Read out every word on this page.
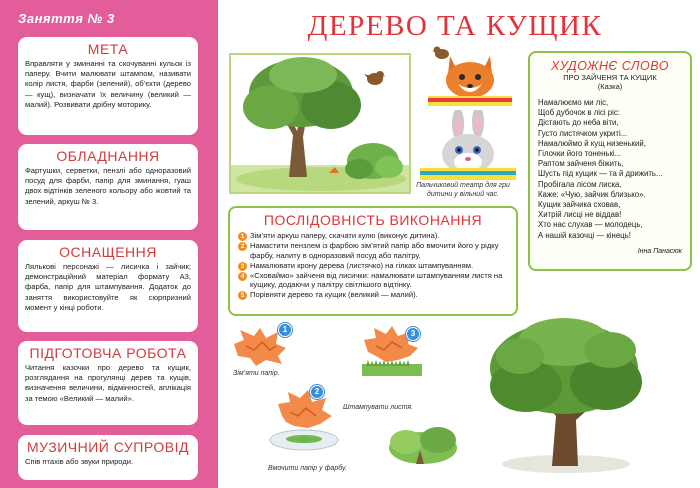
Заняття № 3
МЕТА

Вправляти у зминанні та скочуванні кульок із паперу. Вчити малювати штампом, називати колір листя, фарби (зелений), об’єкти (дерево — кущ), визначати їх величину (великий — малий). Розвивати дрібну моторику.

ОБЛАДНАННЯ

Фартушки, серветки, пензлі або одноразовий посуд для фарби, папір для зминання, гуаш двох відтінків зеленого кольору або жовтий та зелений, аркуш № 3.

ОСНАЩЕННЯ

Лялькові персонажі — лисичка і зайчик; демонстраційний матеріал формату А3, фарба, папір для штампування. Додаток до заняття використовуйте як сюрпризний момент у кінці роботи.

ПІДГОТОВЧА РОБОТА

Читання казочки про дерево та кущик, розглядання на прогулянці дерев та кущів, визначення величини, відмінностей, аплікація за темою «Великий — малий».

МУЗИЧНИЙ СУПРОВІД

Спів птахів або звуки природи.

ДЕРЕВО ТА КУЩИК
Пальчиковий театр для гри дитини у вільний час.
ХУДОЖНЄ СЛОВО
ПРО ЗАЙЧЕНЯ ТА КУЩИК
(Казка)
Намалюємо ми ліс,
Щоб дубочок в лісі ріс:
Дістають до неба віти,
Густо листячком укриті...
Намалюймо й кущ низенький,
Гілочки його тоненькі...
Раптом зайченя біжить,
Шусть під кущик — та й дрижить...
Пробігала лісом лиска,
Каже: «Чую, зайчик близько».
Кущик зайчика сховав,
Хитрій лисці не віддав!
Хто нас слухав — молодець,
А нашій казочці — кінець!
Інна Панасюк
ПОСЛІДОВНІСТЬ ВИКОНАННЯ
1 Зім’яти аркуш паперу, скачати кулю (виконує дитина).
2 Намастити пензлем із фарбою зім’ятий папір або вмочити його у рідку фарбу, налиту в одноразовий посуд або палітру.
3 Намалювати крону дерева (листячко) на гілках штампуванням.
4 «Сховаймо» зайченя від лисички: намалювати штампуванням листя на кущику, додаючи у палітру світлішого відтінку.
5 Порівняти дерево та кущик (великий — малий).
1
Зім’яти папір.
2
Вмочити папір у фарбу.
3
Штампувати листя.
